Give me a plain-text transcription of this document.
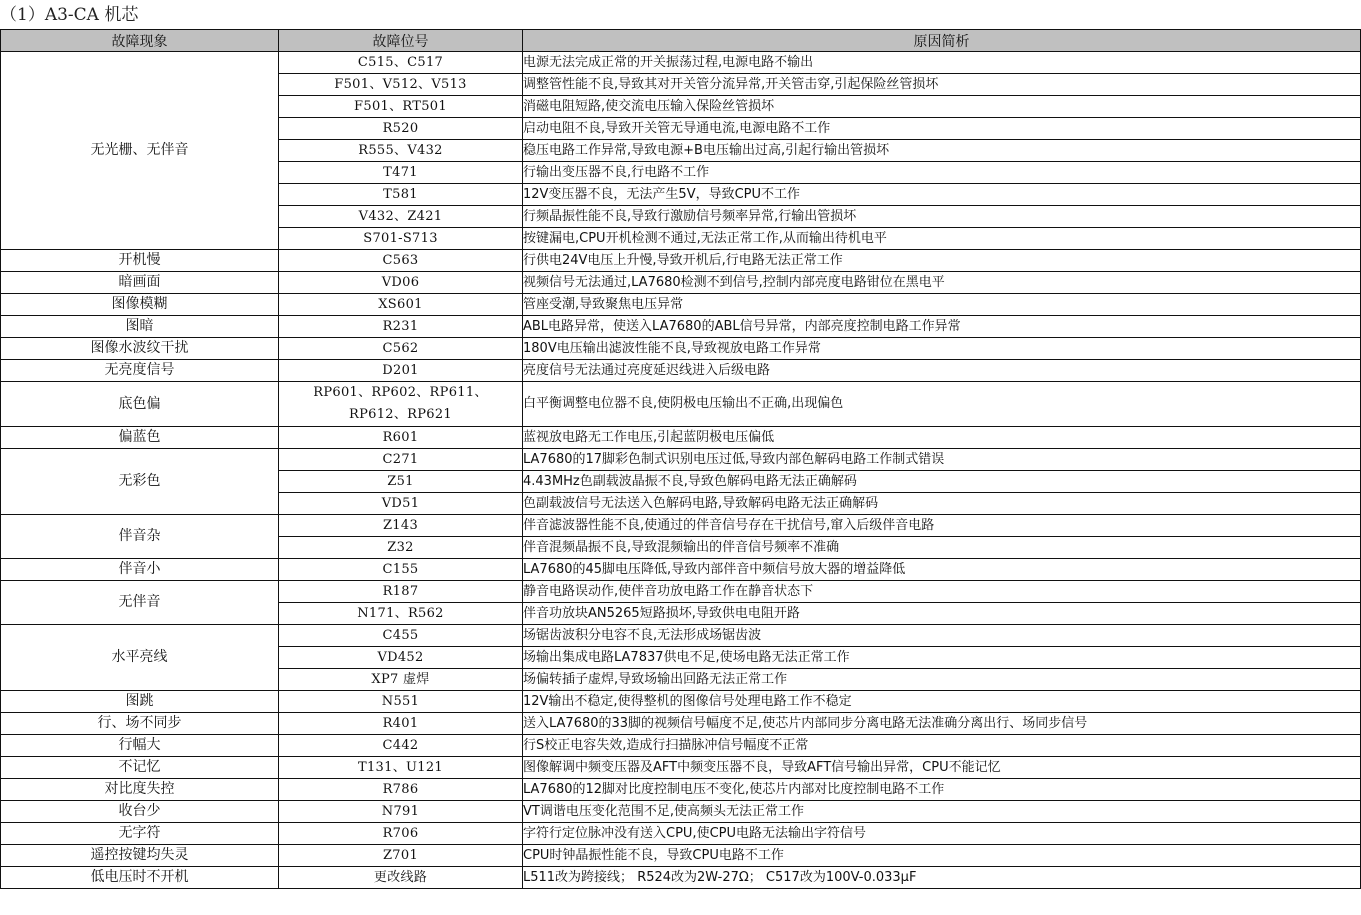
（1）A3-CA 机芯
故障现象	故障位号	原因简析
无光栅、无伴音	C515、C517	电源无法完成正常的开关振荡过程,电源电路不输出
	F501、V512、V513	调整管性能不良,导致其对开关管分流异常,开关管击穿,引起保险丝管损坏
	F501、RT501	消磁电阻短路,使交流电压输入保险丝管损坏
	R520	启动电阻不良,导致开关管无导通电流,电源电路不工作
	R555、V432	稳压电路工作异常,导致电源+B电压输出过高,引起行输出管损坏
	T471	行输出变压器不良,行电路不工作
	T581	12V变压器不良，无法产生5V，导致CPU不工作
	V432、Z421	行频晶振性能不良,导致行激励信号频率异常,行输出管损坏
	S701-S713	按键漏电,CPU开机检测不通过,无法正常工作,从而输出待机电平
开机慢	C563	行供电24V电压上升慢,导致开机后,行电路无法正常工作
暗画面	VD06	视频信号无法通过,LA7680检测不到信号,控制内部亮度电路钳位在黑电平
图像模糊	XS601	管座受潮,导致聚焦电压异常
图暗	R231	ABL电路异常，使送入LA7680的ABL信号异常，内部亮度控制电路工作异常
图像水波纹干扰	C562	180V电压输出滤波性能不良,导致视放电路工作异常
无亮度信号	D201	亮度信号无法通过亮度延迟线进入后级电路
底色偏	RP601、RP602、RP611、RP612、RP621	白平衡调整电位器不良,使阴极电压输出不正确,出现偏色
偏蓝色	R601	蓝视放电路无工作电压,引起蓝阴极电压偏低
无彩色	C271	LA7680的17脚彩色制式识别电压过低,导致内部色解码电路工作制式错误
	Z51	4.43MHz色副载波晶振不良,导致色解码电路无法正确解码
	VD51	色副载波信号无法送入色解码电路,导致解码电路无法正确解码
伴音杂	Z143	伴音滤波器性能不良,使通过的伴音信号存在干扰信号,窜入后级伴音电路
	Z32	伴音混频晶振不良,导致混频输出的伴音信号频率不准确
伴音小	C155	LA7680的45脚电压降低,导致内部伴音中频信号放大器的增益降低
无伴音	R187	静音电路误动作,使伴音功放电路工作在静音状态下
	N171、R562	伴音功放块AN5265短路损坏,导致供电电阻开路
水平亮线	C455	场锯齿波积分电容不良,无法形成场锯齿波
	VD452	场输出集成电路LA7837供电不足,使场电路无法正常工作
	XP7 虚焊	场偏转插子虚焊,导致场输出回路无法正常工作
图跳	N551	12V输出不稳定,使得整机的图像信号处理电路工作不稳定
行、场不同步	R401	送入LA7680的33脚的视频信号幅度不足,使芯片内部同步分离电路无法准确分离出行、场同步信号
行幅大	C442	行S校正电容失效,造成行扫描脉冲信号幅度不正常
不记忆	T131、U121	图像解调中频变压器及AFT中频变压器不良，导致AFT信号输出异常，CPU不能记忆
对比度失控	R786	LA7680的12脚对比度控制电压不变化,使芯片内部对比度控制电路不工作
收台少	N791	VT调谐电压变化范围不足,使高频头无法正常工作
无字符	R706	字符行定位脉冲没有送入CPU,使CPU电路无法输出字符信号
遥控按键均失灵	Z701	CPU时钟晶振性能不良，导致CPU电路不工作
低电压时不开机	更改线路	L511改为跨接线； R524改为2W-27Ω； C517改为100V-0.033μF
